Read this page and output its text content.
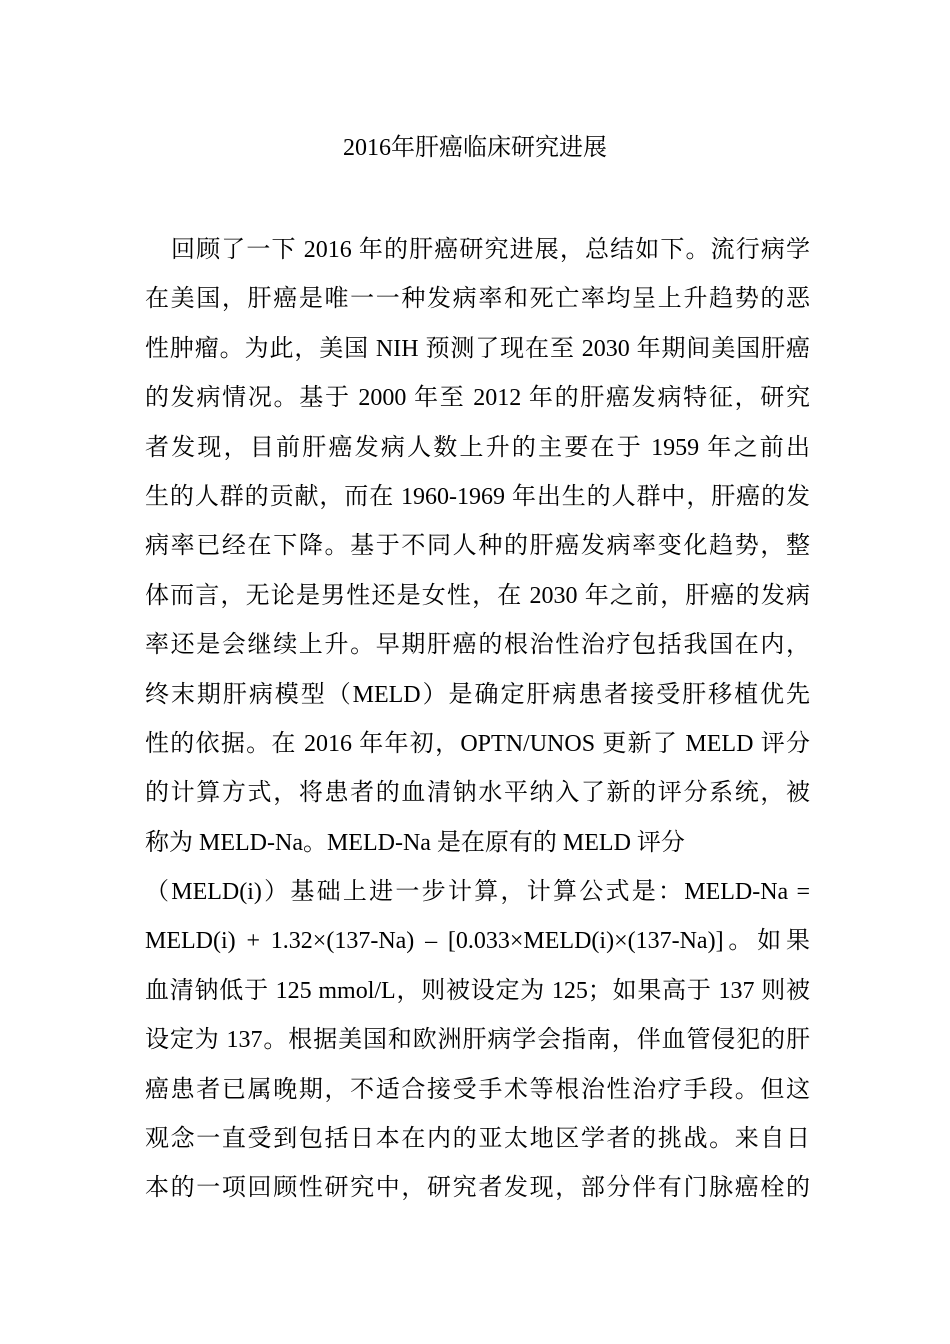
2016年肝癌临床研究进展
回顾了一下 2016 年的肝癌研究进展，总结如下。流行病学
在美国，肝癌是唯一一种发病率和死亡率均呈上升趋势的恶
性肿瘤。为此，美国 NIH 预测了现在至 2030 年期间美国肝癌
的发病情况。基于 2000 年至 2012 年的肝癌发病特征，研究
者发现，目前肝癌发病人数上升的主要在于 1959 年之前出
生的人群的贡献，而在 1960-1969 年出生的人群中，肝癌的发
病率已经在下降。基于不同人种的肝癌发病率变化趋势，整
体而言，无论是男性还是女性，在 2030 年之前，肝癌的发病
率还是会继续上升。早期肝癌的根治性治疗包括我国在内，
终末期肝病模型（MELD）是确定肝病患者接受肝移植优先
性的依据。在 2016 年年初，OPTN/UNOS 更新了 MELD 评分
的计算方式，将患者的血清钠水平纳入了新的评分系统，被
称为 MELD-Na。MELD-Na 是在原有的 MELD 评分
（MELD(i)）基础上进一步计算，计算公式是：MELD-Na =
MELD(i) + 1.32×(137-Na) – [0.033×MELD(i)×(137-Na)]。如果
血清钠低于 125 mmol/L，则被设定为 125；如果高于 137 则被
设定为 137。根据美国和欧洲肝病学会指南，伴血管侵犯的肝
癌患者已属晚期，不适合接受手术等根治性治疗手段。但这
观念一直受到包括日本在内的亚太地区学者的挑战。来自日
本的一项回顾性研究中，研究者发现，部分伴有门脉癌栓的
